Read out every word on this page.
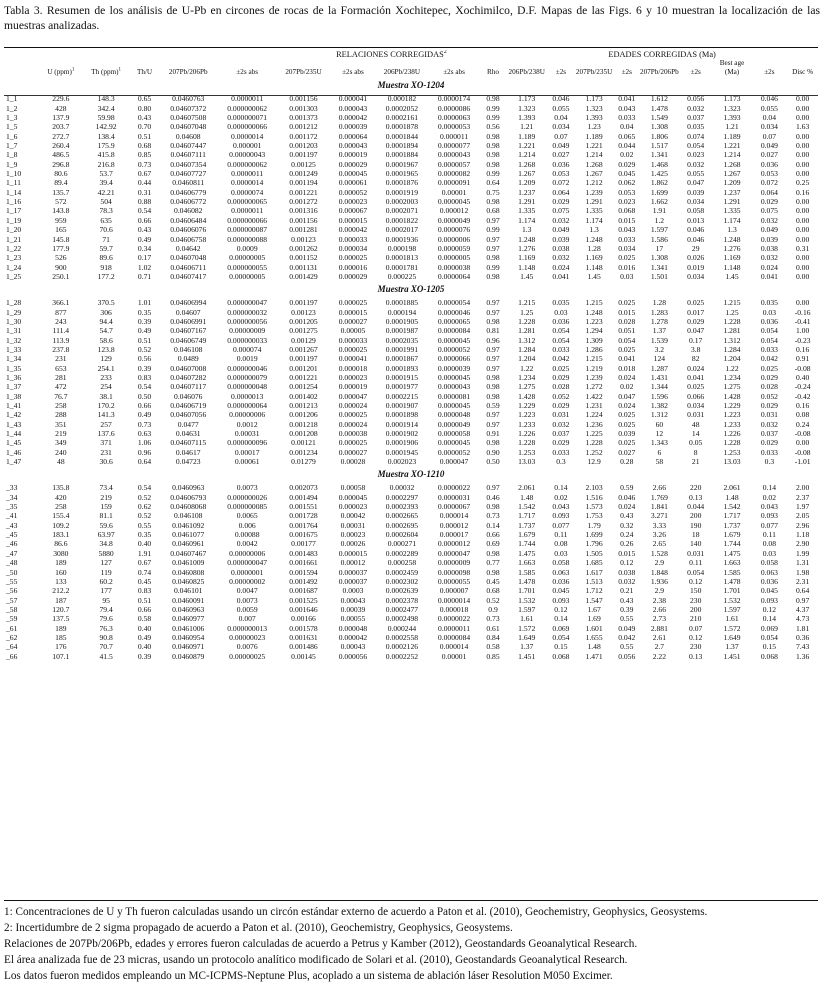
Tabla 3. Resumen de los análisis de U-Pb en circones de rocas de la Formación Xochitepec, Xochimilco, D.F. Mapas de las Figs. 6 y 10 muestran la localización de las muestras analizadas.
						RELACIONES CORREGIDAS$^2$					EDADES CORREGIDAS (Ma)								
	U (ppm)$^1$	Th (ppm)$^1$	Th/U	207Pb/206Pb	±2s abs	207Pb/235U	±2s abs	206Pb/238U	±2s abs	Rho	206Pb/238U	±2s	207Pb/235U	±2s	207Pb/206Pb	±2s	Best age (Ma)	±2s	Disc %
Muestra XO-1204																			
1_1	229.6	148.3	0.65	0.0460763	0.0000011	0.001156	0.000041	0.000182	0.0000174	0.98	1.173	0.046	1.173	0.041	1.612	0.056	1.173	0.046	0.00
1_2	428	342.4	0.80	0.04607372	0.000000062	0.001303	0.000043	0.0002052	0.0000086	0.99	1.323	0.055	1.323	0.043	1.478	0.032	1.323	0.055	0.00
1_3	137.9	59.98	0.43	0.04607508	0.000000071	0.001373	0.000042	0.0002161	0.0000063	0.99	1.393	0.04	1.393	0.033	1.549	0.037	1.393	0.04	0.00
1_5	203.7	142.92	0.70	0.04607048	0.000000066	0.001212	0.000039	0.0001878	0.0000053	0.56	1.21	0.034	1.23	0.04	1.308	0.035	1.21	0.034	1.63
1_6	272.7	138.4	0.51	0.04608	0.0000014	0.001172	0.000064	0.0001844	0.000011	0.98	1.189	0.07	1.189	0.065	1.806	0.074	1.189	0.07	0.00
1_7	260.4	175.9	0.68	0.04607447	0.000001	0.001203	0.000043	0.0001894	0.0000077	0.98	1.221	0.049	1.221	0.044	1.517	0.054	1.221	0.049	0.00
1_8	486.5	415.8	0.85	0.04607111	0.00000043	0.001197	0.000019	0.0001884	0.0000043	0.98	1.214	0.027	1.214	0.02	1.341	0.023	1.214	0.027	0.00
1_9	296.8	216.8	0.73	0.04607354	0.000000062	0.00125	0.000029	0.0001967	0.0000057	0.98	1.268	0.036	1.268	0.029	1.468	0.032	1.268	0.036	0.00
1_10	80.6	53.7	0.67	0.04607727	0.0000011	0.001249	0.000045	0.0001965	0.0000082	0.99	1.267	0.053	1.267	0.045	1.425	0.055	1.267	0.053	0.00
1_11	89.4	39.4	0.44	0.0460811	0.0000014	0.001194	0.000061	0.0001876	0.0000091	0.64	1.209	0.072	1.212	0.062	1.862	0.047	1.209	0.072	0.25
1_14	135.7	42.21	0.31	0.04606779	0.0000074	0.001221	0.000052	0.0001919	0.00001	0.75	1.237	0.064	1.239	0.053	1.699	0.039	1.237	0.064	0.16
1_16	572	504	0.88	0.04606772	0.000000065	0.001272	0.000023	0.0002003	0.0000045	0.98	1.291	0.029	1.291	0.023	1.662	0.034	1.291	0.029	0.00
1_17	143.8	78.3	0.54	0.046082	0.0000011	0.001316	0.000067	0.0002071	0.000012	0.68	1.335	0.075	1.335	0.068	1.91	0.058	1.335	0.075	0.00
1_19	959	635	0.66	0.04606484	0.000000066	0.001156	0.000015	0.0001822	0.0000049	0.97	1.174	0.032	1.174	0.015	1.2	0.013	1.174	0.032	0.00
1_20	165	70.6	0.43	0.04606076	0.000000087	0.001281	0.000042	0.0002017	0.0000076	0.99	1.3	0.049	1.3	0.043	1.597	0.046	1.3	0.049	0.00
1_21	145.8	71	0.49	0.04606758	0.000000088	0.00123	0.000033	0.0001936	0.0000006	0.97	1.248	0.039	1.248	0.033	1.586	0.046	1.248	0.039	0.00
1_22	177.9	59.7	0.34	0.04642	0.0009	0.001262	0.000034	0.000198	0.0000059	0.97	1.276	0.038	1.28	0.034	17	29	1.276	0.038	0.31
1_23	526	89.6	0.17	0.04607048	0.00000005	0.001152	0.000025	0.0001813	0.0000005	0.98	1.169	0.032	1.169	0.025	1.308	0.026	1.169	0.032	0.00
1_24	900	918	1.02	0.04606711	0.000000055	0.001131	0.000016	0.0001781	0.0000038	0.99	1.148	0.024	1.148	0.016	1.341	0.019	1.148	0.024	0.00
1_25	250.1	177.2	0.71	0.04607417	0.00000005	0.001429	0.000029	0.000225	0.0000064	0.98	1.45	0.041	1.45	0.03	1.501	0.034	1.45	0.041	0.00
Muestra XO-1205																			
1_28	366.1	370.5	1.01	0.04606994	0.000000047	0.001197	0.000025	0.0001885	0.0000054	0.97	1.215	0.035	1.215	0.025	1.28	0.025	1.215	0.035	0.00
1_29	877	306	0.35	0.04607	0.000000032	0.00123	0.000015	0.000194	0.0000046	0.97	1.25	0.03	1.248	0.015	1.283	0.017	1.25	0.03	-0.16
1_30	243	94.4	0.39	0.04606991	0.000000056	0.001205	0.000027	0.0001905	0.0000065	0.98	1.228	0.036	1.223	0.028	1.278	0.029	1.228	0.036	-0.41
1_31	111.4	54.7	0.49	0.04607167	0.00000009	0.001275	0.00005	0.0001987	0.0000084	0.81	1.281	0.054	1.294	0.051	1.37	0.047	1.281	0.054	1.00
1_32	113.9	58.6	0.51	0.04606749	0.000000033	0.00129	0.000033	0.0002035	0.0000045	0.96	1.312	0.054	1.309	0.054	1.539	0.17	1.312	0.054	-0.23
1_33	237.8	123.8	0.52	0.046108	0.000074	0.001267	0.000025	0.0001991	0.0000052	0.97	1.284	0.033	1.286	0.025	3.2	3.8	1.284	0.033	0.16
1_34	231	129	0.56	0.0489	0.0019	0.001197	0.000041	0.0001867	0.0000066	0.97	1.204	0.042	1.215	0.041	124	82	1.204	0.042	0.91
1_35	653	254.1	0.39	0.04607008	0.000000046	0.001201	0.000018	0.0001893	0.0000039	0.97	1.22	0.025	1.219	0.018	1.287	0.024	1.22	0.025	-0.08
1_36	281	233	0.83	0.04607282	0.000000079	0.001221	0.000023	0.0001915	0.0000045	0.98	1.234	0.029	1.239	0.024	1.431	0.041	1.234	0.029	0.40
1_37	472	254	0.54	0.04607117	0.000000048	0.001254	0.000019	0.0001977	0.0000043	0.98	1.275	0.028	1.272	0.02	1.344	0.025	1.275	0.028	-0.24
1_38	76.7	38.1	0.50	0.046076	0.0000013	0.001402	0.000047	0.0002215	0.0000081	0.98	1.428	0.052	1.422	0.047	1.596	0.066	1.428	0.052	-0.42
1_41	258	170.2	0.66	0.04606719	0.000000064	0.001213	0.000024	0.0001907	0.0000045	0.59	1.229	0.029	1.231	0.024	1.382	0.034	1.229	0.029	0.16
1_42	288	141.3	0.49	0.04607056	0.00000006	0.001206	0.000025	0.0001898	0.0000048	0.97	1.223	0.031	1.224	0.025	1.312	0.031	1.223	0.031	0.08
1_43	351	257	0.73	0.0477	0.0012	0.001218	0.000024	0.0001914	0.0000049	0.97	1.233	0.032	1.236	0.025	60	48	1.233	0.032	0.24
1_44	219	137.6	0.63	0.04631	0.00031	0.001208	0.000038	0.0001902	0.0000058	0.91	1.226	0.037	1.225	0.039	12	14	1.226	0.037	-0.08
1_45	349	371	1.06	0.04607115	0.000000096	0.00121	0.000025	0.0001906	0.0000045	0.98	1.228	0.029	1.228	0.025	1.343	0.05	1.228	0.029	0.00
1_46	240	231	0.96	0.04617	0.00017	0.001234	0.000027	0.0001945	0.0000052	0.90	1.253	0.033	1.252	0.027	6	8	1.253	0.033	-0.08
1_47	48	30.6	0.64	0.04723	0.00061	0.01279	0.00028	0.002023	0.000047	0.50	13.03	0.3	12.9	0.28	58	21	13.03	0.3	-1.01
Muestra XO-1210																			
_33	135.8	73.4	0.54	0.0460963	0.0073	0.002073	0.00058	0.00032	0.0000022	0.97	2.061	0.14	2.103	0.59	2.66	220	2.061	0.14	2.00
_34	420	219	0.52	0.04606793	0.000000026	0.001494	0.000045	0.0002297	0.0000031	0.46	1.48	0.02	1.516	0.046	1.769	0.13	1.48	0.02	2.37
_35	258	159	0.62	0.04608068	0.000000085	0.001551	0.000023	0.0002393	0.0000067	0.98	1.542	0.043	1.573	0.024	1.841	0.044	1.542	0.043	1.97
_41	155.4	81.1	0.52	0.046108	0.0065	0.001728	0.00042	0.0002665	0.000014	0.73	1.717	0.093	1.753	0.43	3.271	200	1.717	0.093	2.05
_43	109.2	59.6	0.55	0.0461092	0.006	0.001764	0.00031	0.0002695	0.000012	0.14	1.737	0.077	1.79	0.32	3.33	190	1.737	0.077	2.96
_45	183.1	63.97	0.35	0.0461077	0.00088	0.001675	0.00023	0.0002604	0.000017	0.66	1.679	0.11	1.699	0.24	3.26	18	1.679	0.11	1.18
_46	86.6	34.8	0.40	0.0460961	0.0042	0.00177	0.00026	0.000271	0.0000012	0.69	1.744	0.08	1.796	0.26	2.65	140	1.744	0.08	2.90
_47	3080	5880	1.91	0.04607467	0.00000006	0.001483	0.000015	0.0002289	0.0000047	0.98	1.475	0.03	1.505	0.015	1.528	0.031	1.475	0.03	1.99
_48	189	127	0.67	0.0461009	0.000000047	0.001661	0.00012	0.000258	0.0000009	0.77	1.663	0.058	1.685	0.12	2.9	0.11	1.663	0.058	1.31
_50	160	119	0.74	0.0460808	0.0000001	0.001594	0.000037	0.0002459	0.0000098	0.98	1.585	0.063	1.617	0.038	1.848	0.054	1.585	0.063	1.98
_55	133	60.2	0.45	0.0460825	0.00000002	0.001492	0.000037	0.0002302	0.0000055	0.45	1.478	0.036	1.513	0.032	1.936	0.12	1.478	0.036	2.31
_56	212.2	177	0.83	0.046101	0.0047	0.001687	0.0003	0.0002639	0.000007	0.68	1.701	0.045	1.712	0.21	2.9	150	1.701	0.045	0.64
_57	187	95	0.51	0.0460091	0.0073	0.001525	0.00043	0.0002378	0.0000014	0.52	1.532	0.093	1.547	0.43	2.38	230	1.532	0.093	0.97
_58	120.7	79.4	0.66	0.0460963	0.0059	0.001646	0.00039	0.0002477	0.000018	0.9	1.597	0.12	1.67	0.39	2.66	200	1.597	0.12	4.37
_59	137.5	79.6	0.58	0.0460977	0.007	0.00166	0.00055	0.0002498	0.0000022	0.73	1.61	0.14	1.69	0.55	2.73	210	1.61	0.14	4.73
_61	189	76.3	0.40	0.0461006	0.000000013	0.001578	0.000048	0.000244	0.0000011	0.61	1.572	0.069	1.601	0.049	2.881	0.07	1.572	0.069	1.81
_62	185	90.8	0.49	0.0460954	0.00000023	0.001631	0.000042	0.0002558	0.0000084	0.84	1.649	0.054	1.655	0.042	2.61	0.12	1.649	0.054	0.36
_64	176	70.7	0.40	0.0460971	0.0076	0.001486	0.00043	0.0002126	0.000014	0.58	1.37	0.15	1.48	0.55	2.7	230	1.37	0.15	7.43
_66	107.1	41.5	0.39	0.0460879	0.00000025	0.00145	0.000056	0.0002252	0.00001	0.85	1.451	0.068	1.471	0.056	2.22	0.13	1.451	0.068	1.36
1: Concentraciones de U y Th fueron calculadas usando un circón estándar externo de acuerdo a Paton et al. (2010), Geochemistry, Geophysics, Geosystems.
2: Incertidumbre de 2 sigma propagado de acuerdo a Paton et al. (2010), Geochemistry, Geophysics, Geosystems.
Relaciones de 207Pb/206Pb, edades y errores fueron calculadas de acuerdo a Petrus y Kamber (2012), Geostandards Geoanalytical Research.
El área analizada fue de 23 micras, usando un protocolo analítico modificado de Solari et al. (2010), Geostandards Geoanalytical Research.
Los datos fueron medidos empleando un MC-ICPMS-Neptune Plus, acoplado a un sistema de ablación láser Resolution M050 Excimer.
